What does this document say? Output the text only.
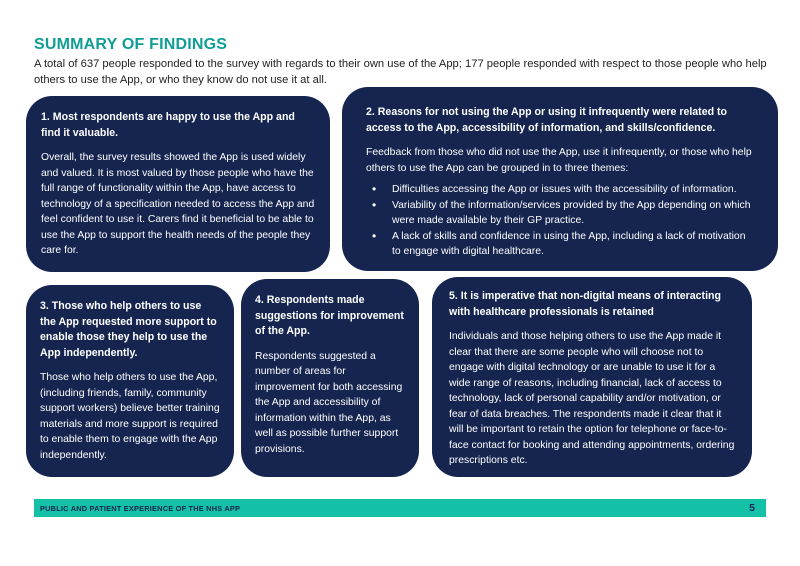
SUMMARY OF FINDINGS

A total of 637 people responded to the survey with regards to their own use of the App; 177 people responded with respect to those people who help others to use the App, or who they know do not use it at all.

1. Most respondents are happy to use the App and find it valuable.

Overall, the survey results showed the App is used widely and valued. It is most valued by those people who have the full range of functionality within the App, have access to technology of a specification needed to access the App and feel confident to use it. Carers find it beneficial to be able to use the App to support the health needs of the people they care for.

2. Reasons for not using the App or using it infrequently were related to access to the App, accessibility of information, and skills/confidence.

Feedback from those who did not use the App, use it infrequently, or those who help others to use the App can be grouped in to three themes:

• Difficulties accessing the App or issues with the accessibility of information.
• Variability of the information/services provided by the App depending on which were made available by their GP practice.
• A lack of skills and confidence in using the App, including a lack of motivation to engage with digital healthcare.
3. Those who help others to use the App requested more support to enable those they help to use the App independently.

Those who help others to use the App, (including friends, family, community support workers) believe better training materials and more support is required to enable them to engage with the App independently.

4. Respondents made suggestions for improvement of the App.

Respondents suggested a number of areas for improvement for both accessing the App and accessibility of information within the App, as well as possible further support provisions.

5. It is imperative that non-digital means of interacting with healthcare professionals is retained

Individuals and those helping others to use the App made it clear that there are some people who will choose not to engage with digital technology or are unable to use it for a wide range of reasons, including financial, lack of access to technology, lack of personal capability and/or motivation, or fear of data breaches. The respondents made it clear that it will be important to retain the option for telephone or face-to-face contact for booking and attending appointments, ordering prescriptions etc.

PUBLIC AND PATIENT EXPERIENCE OF THE NHS APP	5
